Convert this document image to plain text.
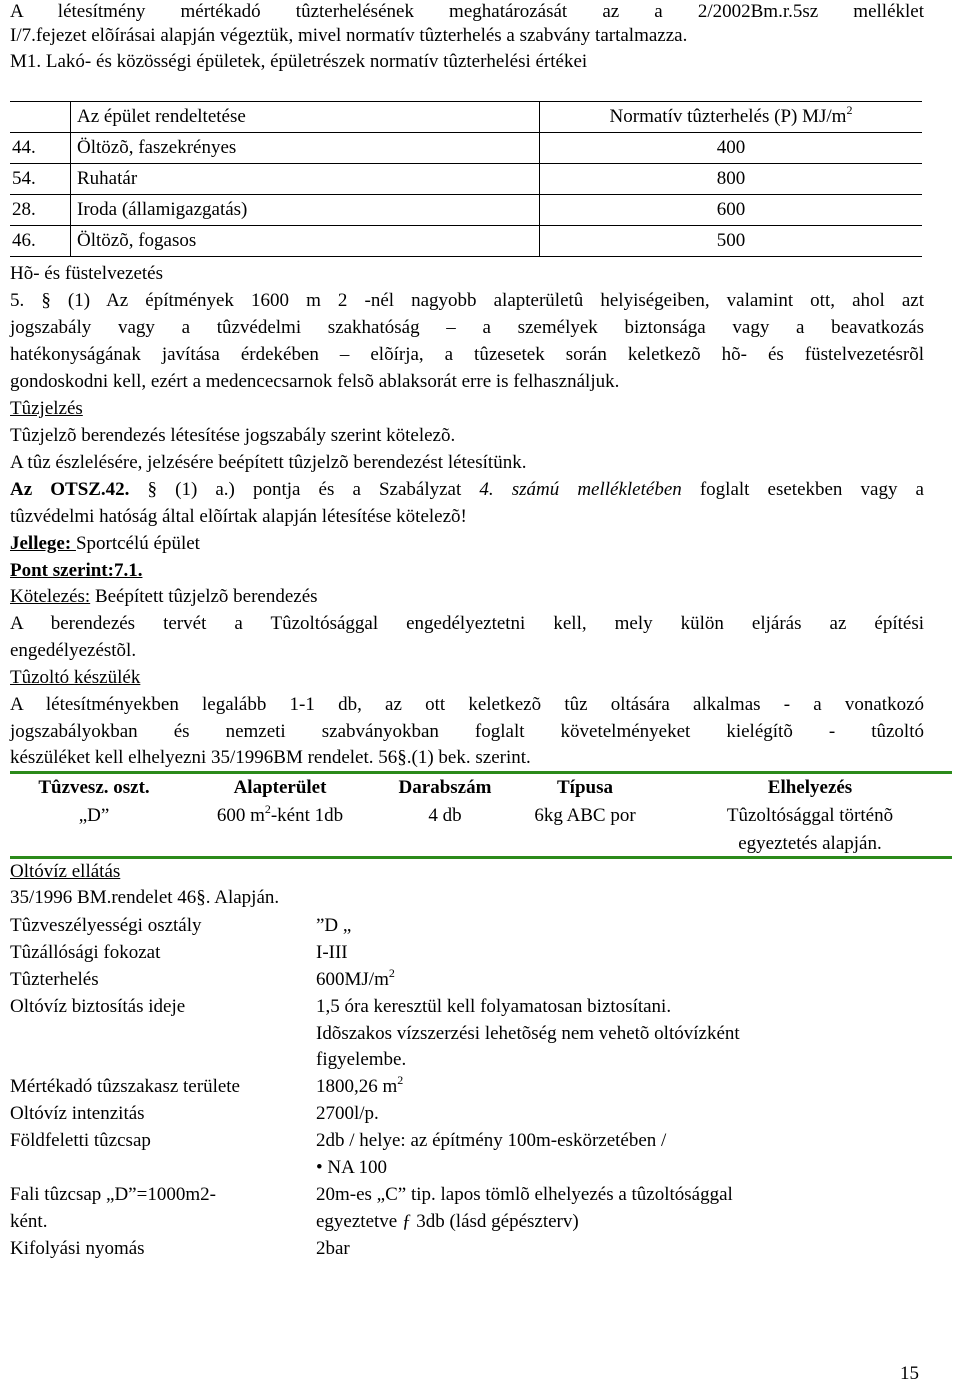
A létesítmény mértékadó tûzterhelésének meghatározását az a 2/2002Bm.r.5sz melléklet
I/7.fejezet elõírásai alapján végeztük, mivel normatív tûzterhelés a szabvány tartalmazza.
M1. Lakó- és közösségi épületek, épületrészek normatív tûzterhelési értékei
	Az épület rendeltetése	Normatív tûzterhelés (P) $MJ/m^2$
44.	Öltözõ, faszekrényes	400
54.	Ruhatár	800
28.	Iroda (államigazgatás)	600
46.	Öltözõ, fogasos	500
Hõ- és füstelvezetés
5. § (1) Az építmények 1600 m 2 -nél nagyobb alapterületû helyiségeiben, valamint ott, ahol azt
jogszabály vagy a tûzvédelmi szakhatóság – a személyek biztonsága vagy a beavatkozás
hatékonyságának javítása érdekében – elõírja, a tûzesetek során keletkezõ hõ- és füstelvezetésrõl
gondoskodni kell, ezért a medencecsarnok felsõ ablaksorát erre is felhasználjuk.
Tûzjelzés
Tûzjelzõ berendezés létesítése jogszabály szerint kötelezõ.
A tûz észlelésére, jelzésére beépített tûzjelzõ berendezést létesítünk.
Az OTSZ.42. § (1) a.) pontja és a Szabályzat 4. számú mellékletében foglalt esetekben vagy a
tûzvédelmi hatóság által elõírtak alapján létesítése kötelezõ!
Jellege: Sportcélú épület
Pont szerint:7.1.
Kötelezés: Beépített tûzjelzõ berendezés
A berendezés tervét a Tûzoltósággal engedélyeztetni kell, mely külön eljárás az építési
engedélyezéstõl.
Tûzoltó készülék
A létesítményekben legalább 1-1 db, az ott keletkezõ tûz oltására alkalmas - a vonatkozó
jogszabályokban és nemzeti szabványokban foglalt követelményeket kielégítõ - tûzoltó
készüléket kell elhelyezni 35/1996BM rendelet. 56§.(1) bek. szerint.
Tûzvesz. oszt.	Alapterület	Darabszám	Típusa	Elhelyezés
„D”	600 $m^2$-ként 1db	4 db	6kg ABC por	Tûzoltósággal történõ
egyeztetés alapján.
Oltóvíz ellátás
35/1996 BM.rendelet 46§. Alapján.
Tûzveszélyességi osztály	”D „
Tûzállósági fokozat	I-III
Tûzterhelés	$600MJ/m^2$
Oltóvíz biztosítás ideje	1,5 óra keresztül kell folyamatosan biztosítani.
Idõszakos vízszerzési lehetõség nem vehetõ oltóvízként
figyelembe.
Mértékadó tûzszakasz területe	1800,26 $m^2$
Oltóvíz intenzitás	2700l/p.
Földfeletti tûzcsap	2db / helye: az építmény 100m-eskörzetében /
• NA 100
Fali tûzcsap „D”=1000m2-	20m-es „C” tip. lapos tömlõ elhelyezés a tûzoltósággal
ként.	egyeztetve ƒ 3db (lásd gépészterv)
Kifolyási nyomás	2bar
15
